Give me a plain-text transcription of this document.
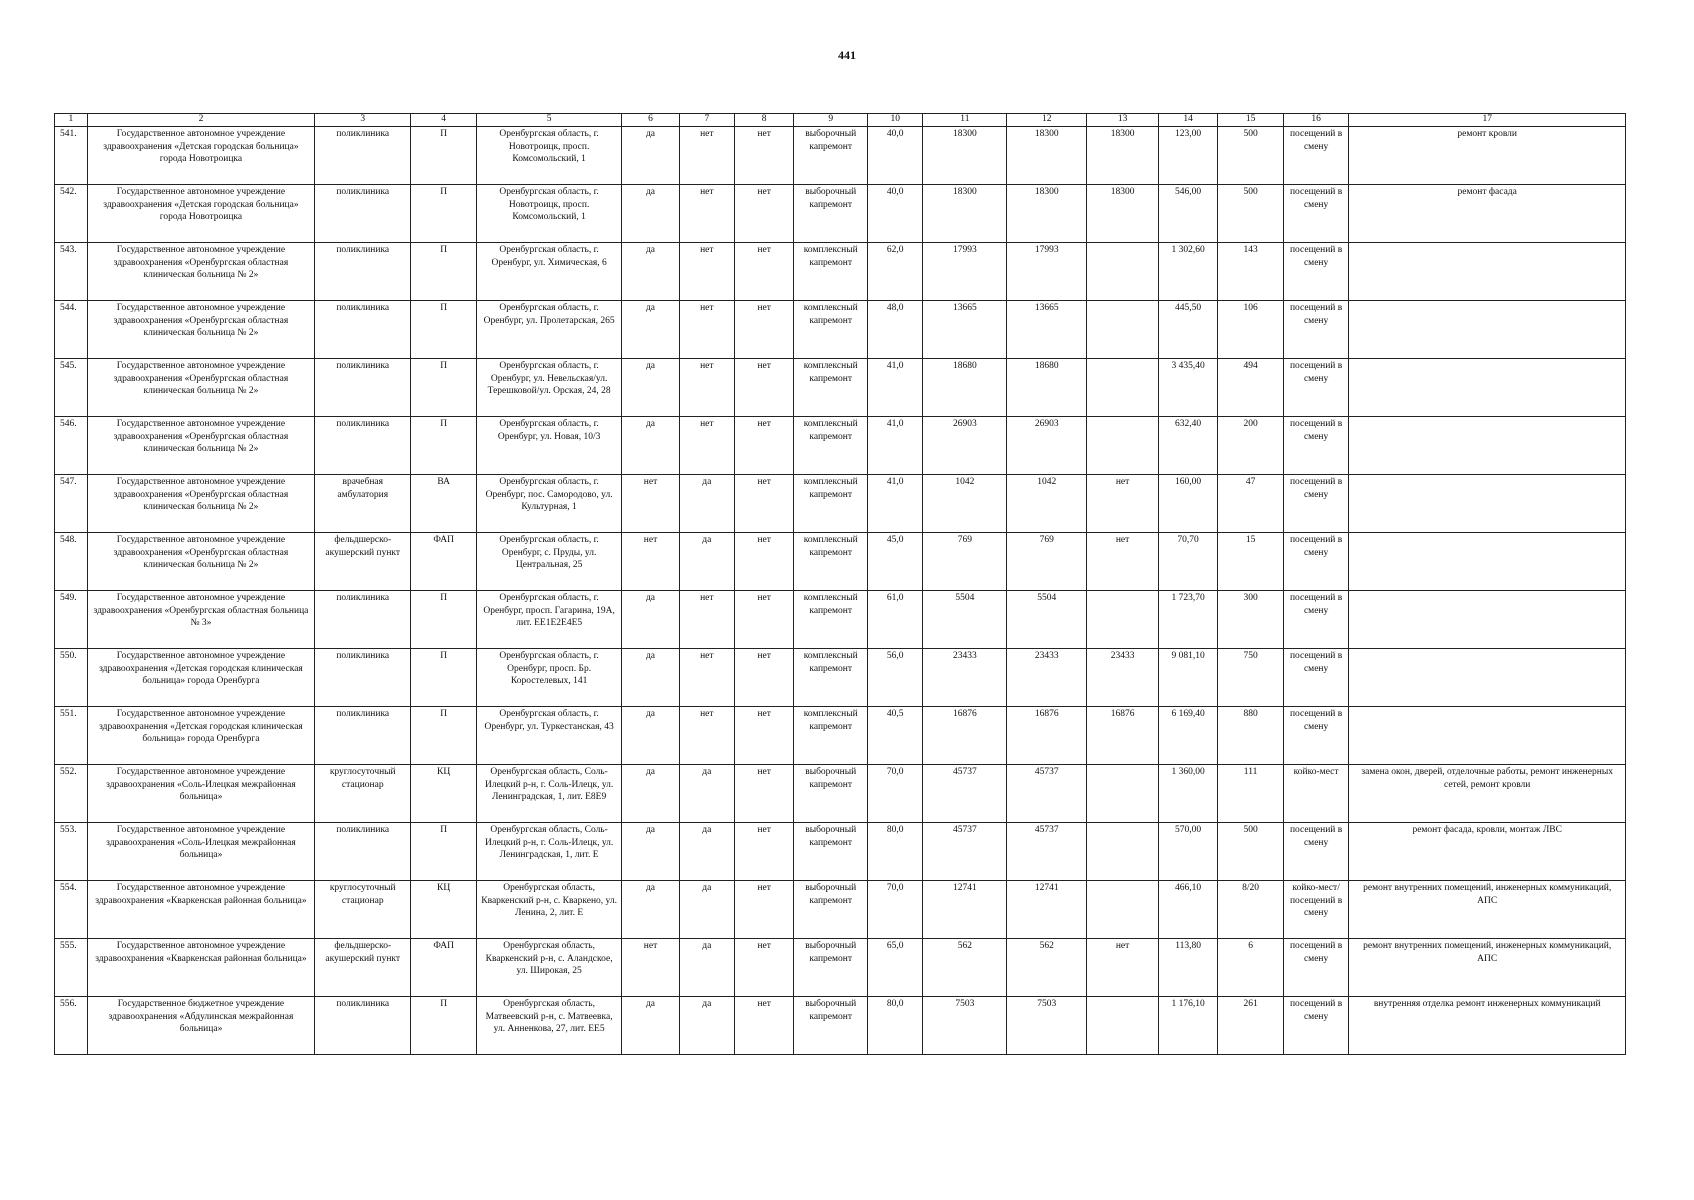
441
1	2	3	4	5	6	7	8	9	10	11	12	13	14	15	16	17
541.	Государственное автономное учреждение здравоохранения «Детская городская больница» города Новотроицка	поликлиника	П	Оренбургская область, г. Новотроицк, просп. Комсомольский, 1	да	нет	нет	выборочный капремонт	40,0	18300	18300	18300	123,00	500	посещений в смену	ремонт кровли
542.	Государственное автономное учреждение здравоохранения «Детская городская больница» города Новотроицка	поликлиника	П	Оренбургская область, г. Новотроицк, просп. Комсомольский, 1	да	нет	нет	выборочный капремонт	40,0	18300	18300	18300	546,00	500	посещений в смену	ремонт фасада
543.	Государственное автономное учреждение здравоохранения «Оренбургская областная клиническая больница № 2»	поликлиника	П	Оренбургская область, г. Оренбург, ул. Химическая, 6	да	нет	нет	комплексный капремонт	62,0	17993	17993		1 302,60	143	посещений в смену	
544.	Государственное автономное учреждение здравоохранения «Оренбургская областная клиническая больница № 2»	поликлиника	П	Оренбургская область, г. Оренбург, ул. Пролетарская, 265	да	нет	нет	комплексный капремонт	48,0	13665	13665		445,50	106	посещений в смену	
545.	Государственное автономное учреждение здравоохранения «Оренбургская областная клиническая больница № 2»	поликлиника	П	Оренбургская область, г. Оренбург, ул. Невельская/ул. Терешковой/ул. Орская, 24, 28	да	нет	нет	комплексный капремонт	41,0	18680	18680		3 435,40	494	посещений в смену	
546.	Государственное автономное учреждение здравоохранения «Оренбургская областная клиническая больница № 2»	поликлиника	П	Оренбургская область, г. Оренбург, ул. Новая, 10/3	да	нет	нет	комплексный капремонт	41,0	26903	26903		632,40	200	посещений в смену	
547.	Государственное автономное учреждение здравоохранения «Оренбургская областная клиническая больница № 2»	врачебная амбулатория	ВА	Оренбургская область, г. Оренбург, пос. Самородово, ул. Культурная, 1	нет	да	нет	комплексный капремонт	41,0	1042	1042	нет	160,00	47	посещений в смену	
548.	Государственное автономное учреждение здравоохранения «Оренбургская областная клиническая больница № 2»	фельдшерско-акушерский пункт	ФАП	Оренбургская область, г. Оренбург, с. Пруды, ул. Центральная, 25	нет	да	нет	комплексный капремонт	45,0	769	769	нет	70,70	15	посещений в смену	
549.	Государственное автономное учреждение здравоохранения «Оренбургская областная больница № 3»	поликлиника	П	Оренбургская область, г. Оренбург, просп. Гагарина, 19А, лит. ЕЕ1Е2Е4Е5	да	нет	нет	комплексный капремонт	61,0	5504	5504		1 723,70	300	посещений в смену	
550.	Государственное автономное учреждение здравоохранения «Детская городская клиническая больница» города Оренбурга	поликлиника	П	Оренбургская область, г. Оренбург, просп. Бр. Коростелевых, 141	да	нет	нет	комплексный капремонт	56,0	23433	23433	23433	9 081,10	750	посещений в смену	
551.	Государственное автономное учреждение здравоохранения «Детская городская клиническая больница» города Оренбурга	поликлиника	П	Оренбургская область, г. Оренбург, ул. Туркестанская, 43	да	нет	нет	комплексный капремонт	40,5	16876	16876	16876	6 169,40	880	посещений в смену	
552.	Государственное автономное учреждение здравоохранения «Соль-Илецкая межрайонная больница»	круглосуточный стационар	КЦ	Оренбургская область, Соль-Илецкий р-н, г. Соль-Илецк, ул. Ленинградская, 1, лит. Е8Е9	да	да	нет	выборочный капремонт	70,0	45737	45737		1 360,00	111	койко-мест	замена окон, дверей, отделочные работы, ремонт инженерных сетей, ремонт кровли
553.	Государственное автономное учреждение здравоохранения «Соль-Илецкая межрайонная больница»	поликлиника	П	Оренбургская область, Соль-Илецкий р-н, г. Соль-Илецк, ул. Ленинградская, 1, лит. Е	да	да	нет	выборочный капремонт	80,0	45737	45737		570,00	500	посещений в смену	ремонт фасада, кровли, монтаж ЛВС
554.	Государственное автономное учреждение здравоохранения «Кваркенская районная больница»	круглосуточный стационар	КЦ	Оренбургская область, Кваркенский р-н, с. Кваркено, ул. Ленина, 2, лит. Е	да	да	нет	выборочный капремонт	70,0	12741	12741		466,10	8/20	койко-мест/посещений в смену	ремонт внутренних помещений, инженерных коммуникаций, АПС
555.	Государственное автономное учреждение здравоохранения «Кваркенская районная больница»	фельдшерско-акушерский пункт	ФАП	Оренбургская область, Кваркенский р-н, с. Аландское, ул. Широкая, 25	нет	да	нет	выборочный капремонт	65,0	562	562	нет	113,80	6	посещений в смену	ремонт внутренних помещений, инженерных коммуникаций, АПС
556.	Государственное бюджетное учреждение здравоохранения «Абдулинская межрайонная больница»	поликлиника	П	Оренбургская область, Матвеевский р-н, с. Матвеевка, ул. Анненкова, 27, лит. ЕЕ5	да	да	нет	выборочный капремонт	80,0	7503	7503		1 176,10	261	посещений в смену	внутренняя отделка ремонт инженерных коммуникаций
